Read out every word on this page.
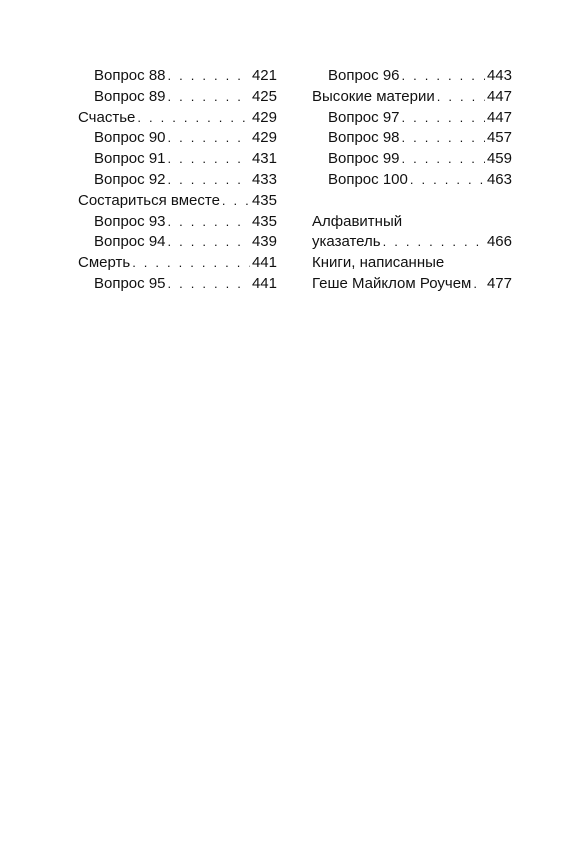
Вопрос 88 . . .	421
Вопрос 89 . . .	425
Счастье . . .	429
Вопрос 90 . . .	429
Вопрос 91 . . .	431
Вопрос 92 . . .	433
Состариться вместе . . . 435
Вопрос 93 . . .	435
Вопрос 94 . . .	439
Смерть . . .	441
Вопрос 95 . . .	441
Вопрос 96 . . .	443
Высокие материи . . .	447
Вопрос 97 . . .	447
Вопрос 98 . . .	457
Вопрос 99 . . .	459
Вопрос 100 . . .	463
Алфавитный
указатель . . .	466
Книги, написанные
Геше Майклом Роучем . . . 477
